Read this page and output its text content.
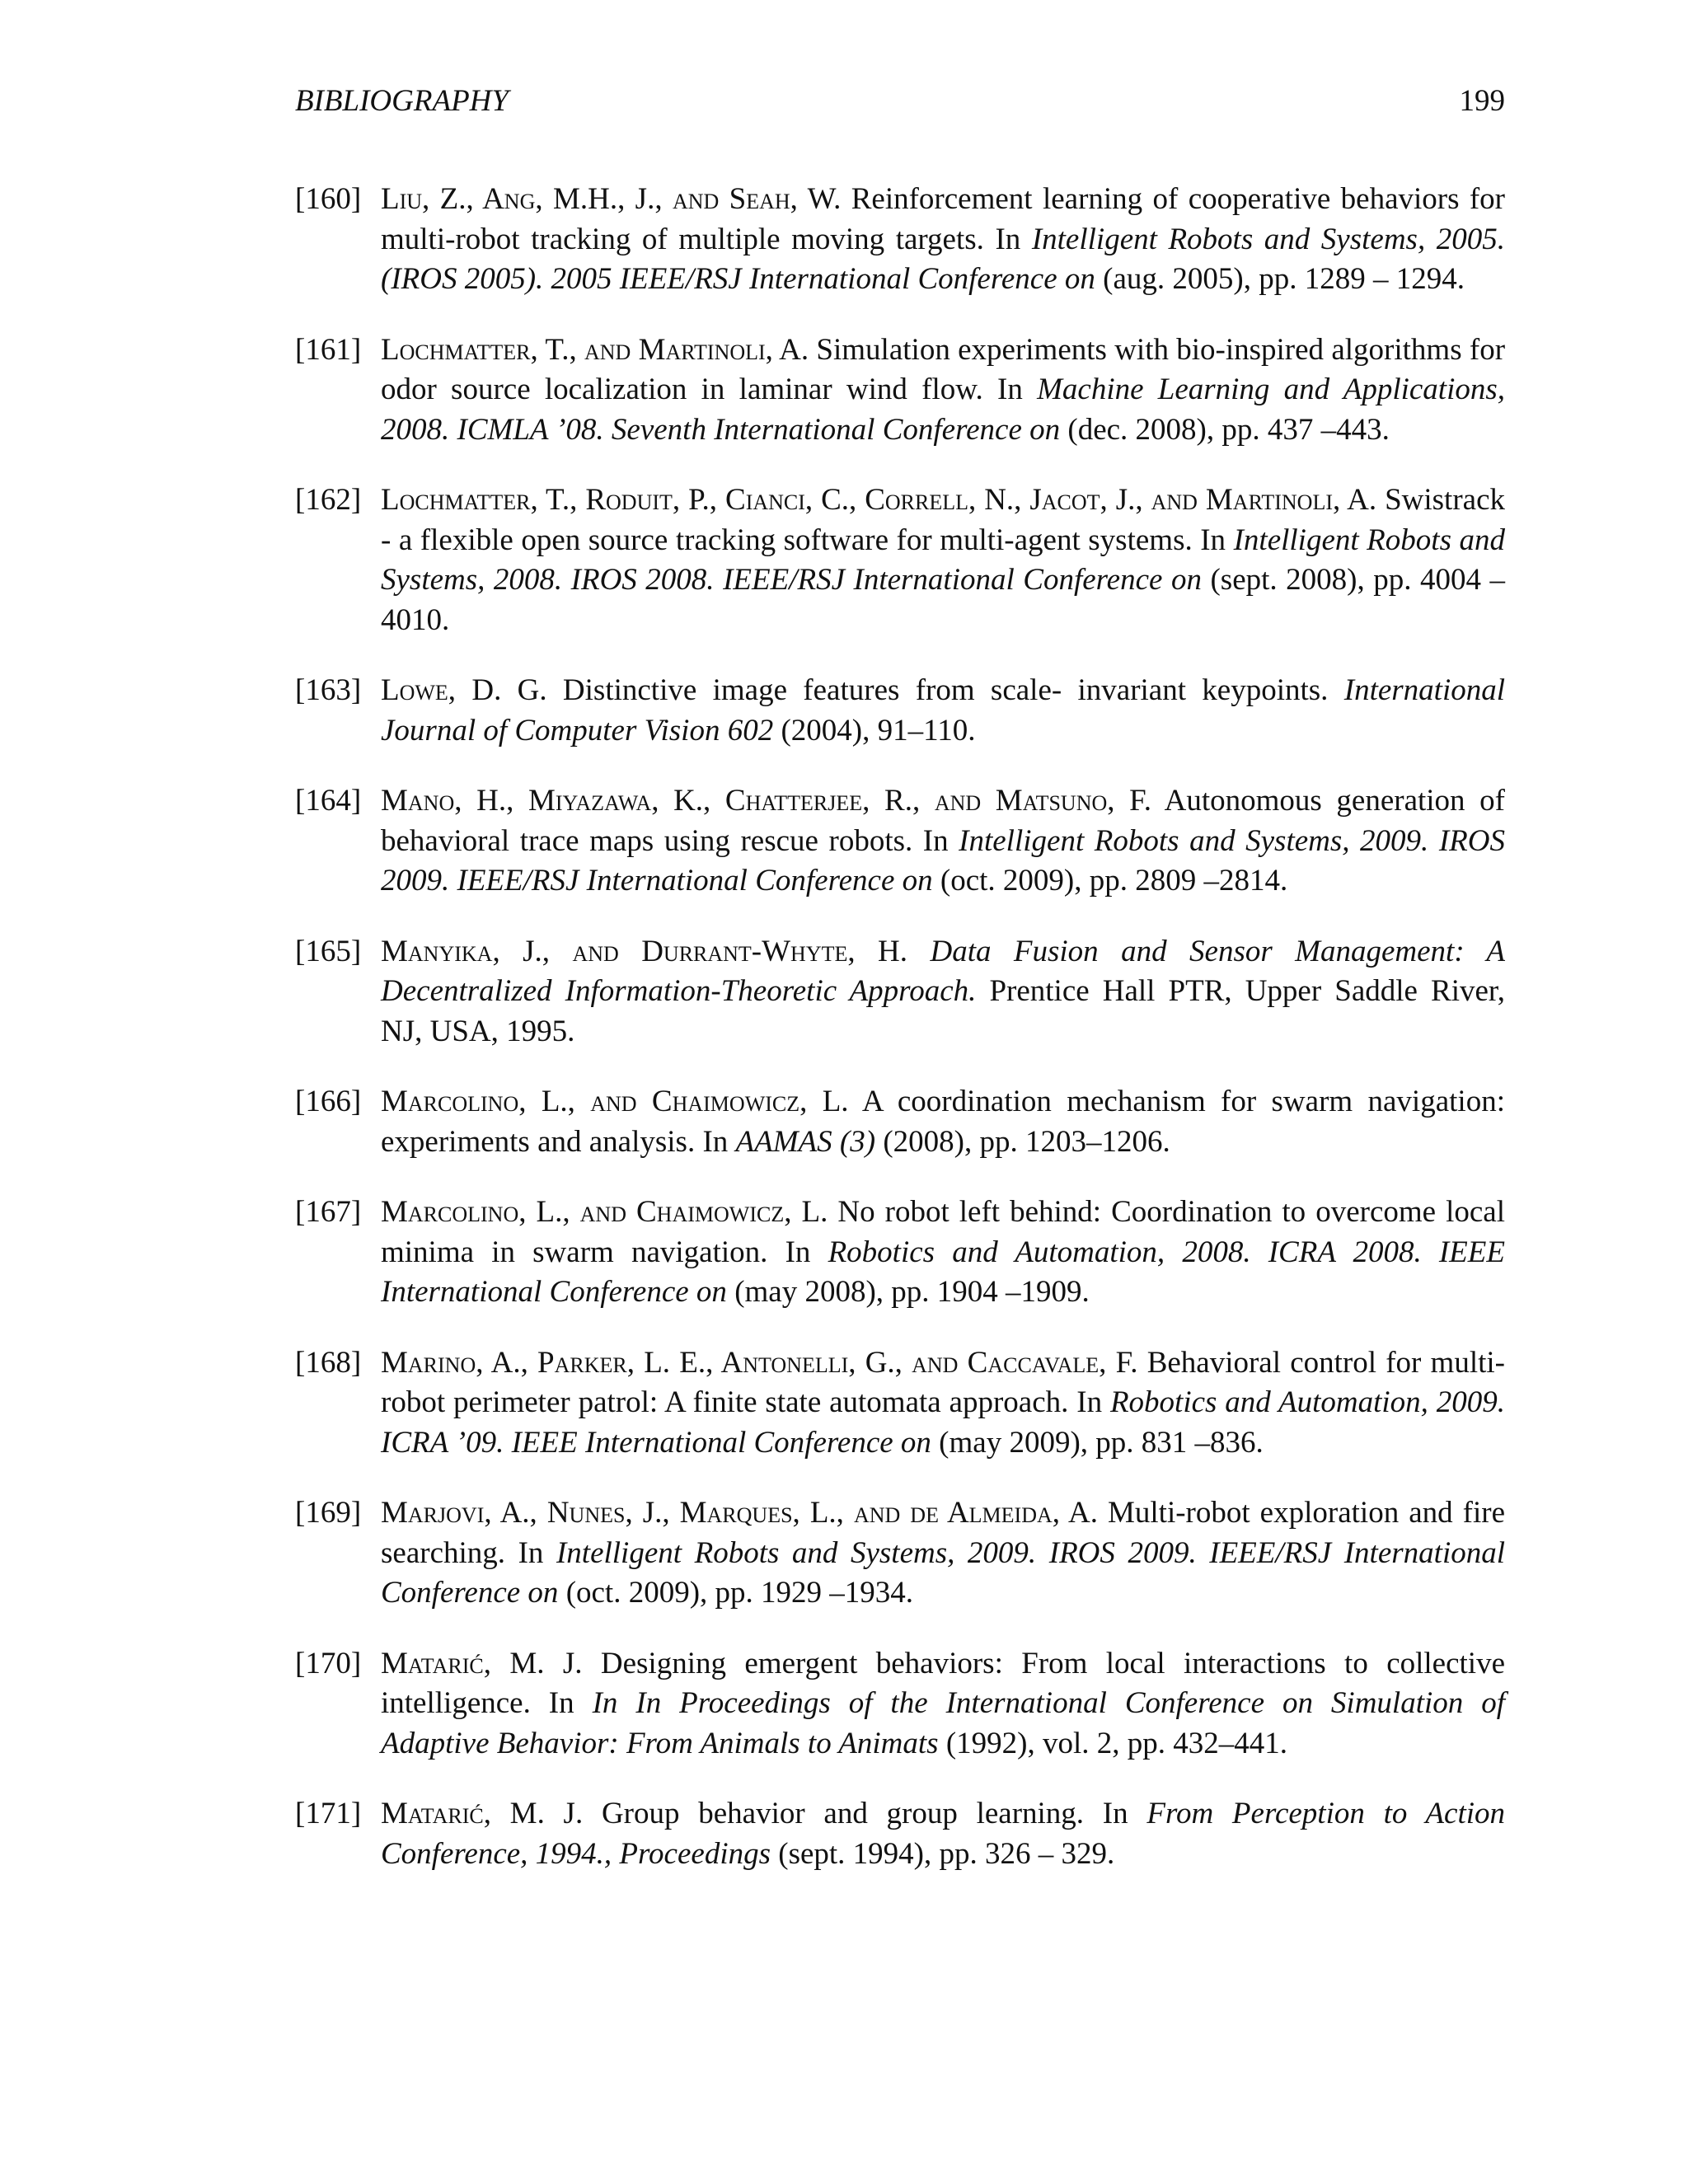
BIBLIOGRAPHY	199
[160] Liu, Z., Ang, M.H., J., and Seah, W. Reinforcement learning of cooperative behaviors for multi-robot tracking of multiple moving targets. In Intelligent Robots and Systems, 2005. (IROS 2005). 2005 IEEE/RSJ International Conference on (aug. 2005), pp. 1289 – 1294.
[161] Lochmatter, T., and Martinoli, A. Simulation experiments with bio-inspired algorithms for odor source localization in laminar wind flow. In Machine Learning and Applications, 2008. ICMLA ’08. Seventh International Conference on (dec. 2008), pp. 437 –443.
[162] Lochmatter, T., Roduit, P., Cianci, C., Correll, N., Jacot, J., and Martinoli, A. Swistrack - a flexible open source tracking software for multi-agent systems. In Intelligent Robots and Systems, 2008. IROS 2008. IEEE/RSJ International Conference on (sept. 2008), pp. 4004 –4010.
[163] Lowe, D. G. Distinctive image features from scale- invariant keypoints. International Journal of Computer Vision 602 (2004), 91–110.
[164] Mano, H., Miyazawa, K., Chatterjee, R., and Matsuno, F. Autonomous generation of behavioral trace maps using rescue robots. In Intelligent Robots and Systems, 2009. IROS 2009. IEEE/RSJ International Conference on (oct. 2009), pp. 2809 –2814.
[165] Manyika, J., and Durrant-Whyte, H. Data Fusion and Sensor Management: A Decentralized Information-Theoretic Approach. Prentice Hall PTR, Upper Saddle River, NJ, USA, 1995.
[166] Marcolino, L., and Chaimowicz, L. A coordination mechanism for swarm navigation: experiments and analysis. In AAMAS (3) (2008), pp. 1203–1206.
[167] Marcolino, L., and Chaimowicz, L. No robot left behind: Coordination to overcome local minima in swarm navigation. In Robotics and Automation, 2008. ICRA 2008. IEEE International Conference on (may 2008), pp. 1904 –1909.
[168] Marino, A., Parker, L. E., Antonelli, G., and Caccavale, F. Behavioral control for multi-robot perimeter patrol: A finite state automata approach. In Robotics and Automation, 2009. ICRA ’09. IEEE International Conference on (may 2009), pp. 831 –836.
[169] Marjovi, A., Nunes, J., Marques, L., and de Almeida, A. Multi-robot exploration and fire searching. In Intelligent Robots and Systems, 2009. IROS 2009. IEEE/RSJ International Conference on (oct. 2009), pp. 1929 –1934.
[170] Matarić, M. J. Designing emergent behaviors: From local interactions to collective intelligence. In In In Proceedings of the International Conference on Simulation of Adaptive Behavior: From Animals to Animats (1992), vol. 2, pp. 432–441.
[171] Matarić, M. J. Group behavior and group learning. In From Perception to Action Conference, 1994., Proceedings (sept. 1994), pp. 326 – 329.
